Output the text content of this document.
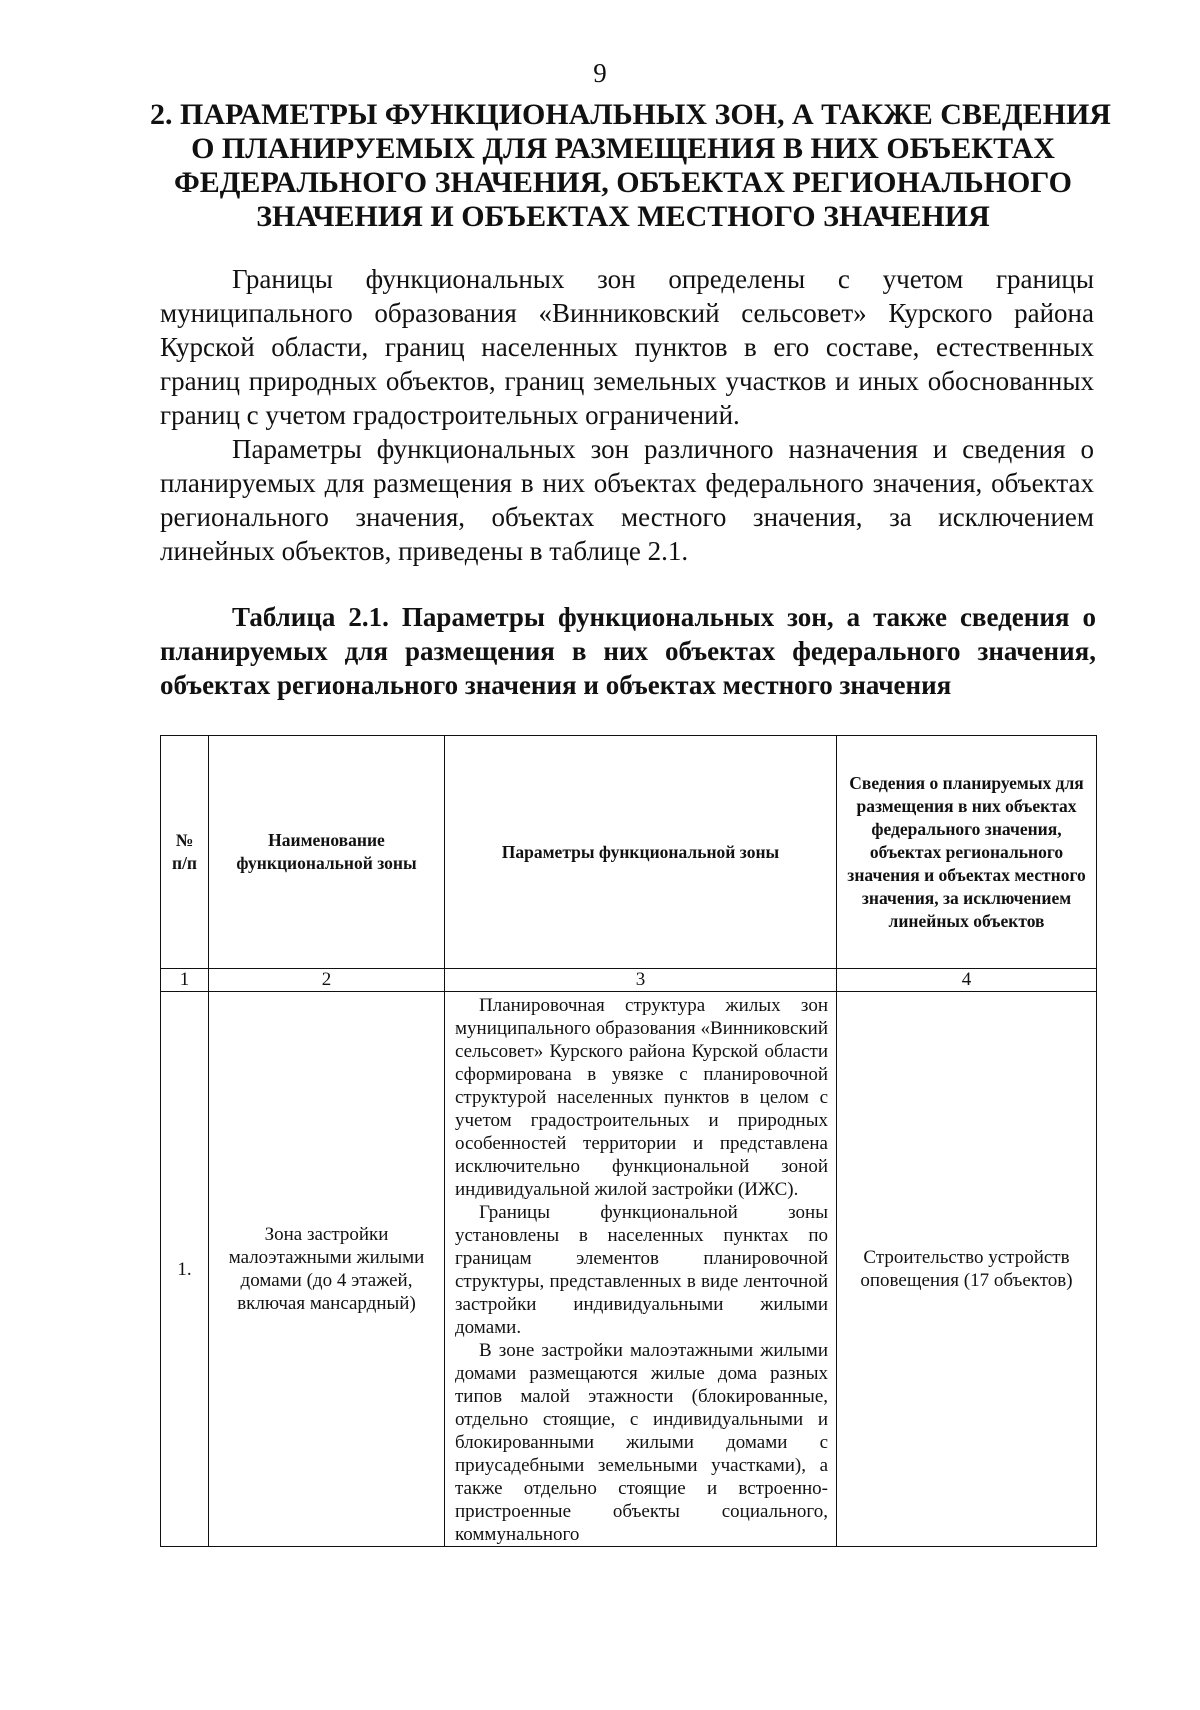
9
2. ПАРАМЕТРЫ ФУНКЦИОНАЛЬНЫХ ЗОН, А ТАКЖЕ СВЕДЕНИЯ
О ПЛАНИРУЕМЫХ ДЛЯ РАЗМЕЩЕНИЯ В НИХ ОБЪЕКТАХ
ФЕДЕРАЛЬНОГО ЗНАЧЕНИЯ, ОБЪЕКТАХ РЕГИОНАЛЬНОГО
ЗНАЧЕНИЯ И ОБЪЕКТАХ МЕСТНОГО ЗНАЧЕНИЯ

Границы функциональных зон определены с учетом границы муниципального образования «Винниковский сельсовет» Курского района Курской области, границ населенных пунктов в его составе, естественных границ природных объектов, границ земельных участков и иных обоснованных границ с учетом градостроительных ограничений.

Параметры функциональных зон различного назначения и сведения о планируемых для размещения в них объектах федерального значения, объектах регионального значения, объектах местного значения, за исключением линейных объектов, приведены в таблице 2.1.

Таблица 2.1. Параметры функциональных зон, а также сведения о планируемых для размещения в них объектах федерального значения, объектах регионального значения и объектах местного значения

№ п/п	Наименование функциональной зоны	Параметры функциональной зоны	Сведения о планируемых для размещения в них объектах федерального значения, объектах регионального значения и объектах местного значения, за исключением линейных объектов
1	2	3	4
1.	Зона застройки малоэтажными жилыми домами (до 4 этажей, включая мансардный)	Планировочная структура жилых зон муниципального образования «Винниковский сельсовет» Курского района Курской области сформирована в увязке с планировочной структурой населенных пунктов в целом с учетом градостроительных и природных особенностей территории и представлена исключительно функциональной зоной индивидуальной жилой застройки (ИЖС).

Границы функциональной зоны установлены в населенных пунктах по границам элементов планировочной структуры, представленных в виде ленточной застройки индивидуальными жилыми домами.

В зоне застройки малоэтажными жилыми домами размещаются жилые дома разных типов малой этажности (блокированные, отдельно стоящие, с индивидуальными и блокированными жилыми домами с приусадебными земельными участками), а также отдельно стоящие и встроенно-пристроенные объекты социального, коммунального	Строительство устройств оповещения (17 объектов)
